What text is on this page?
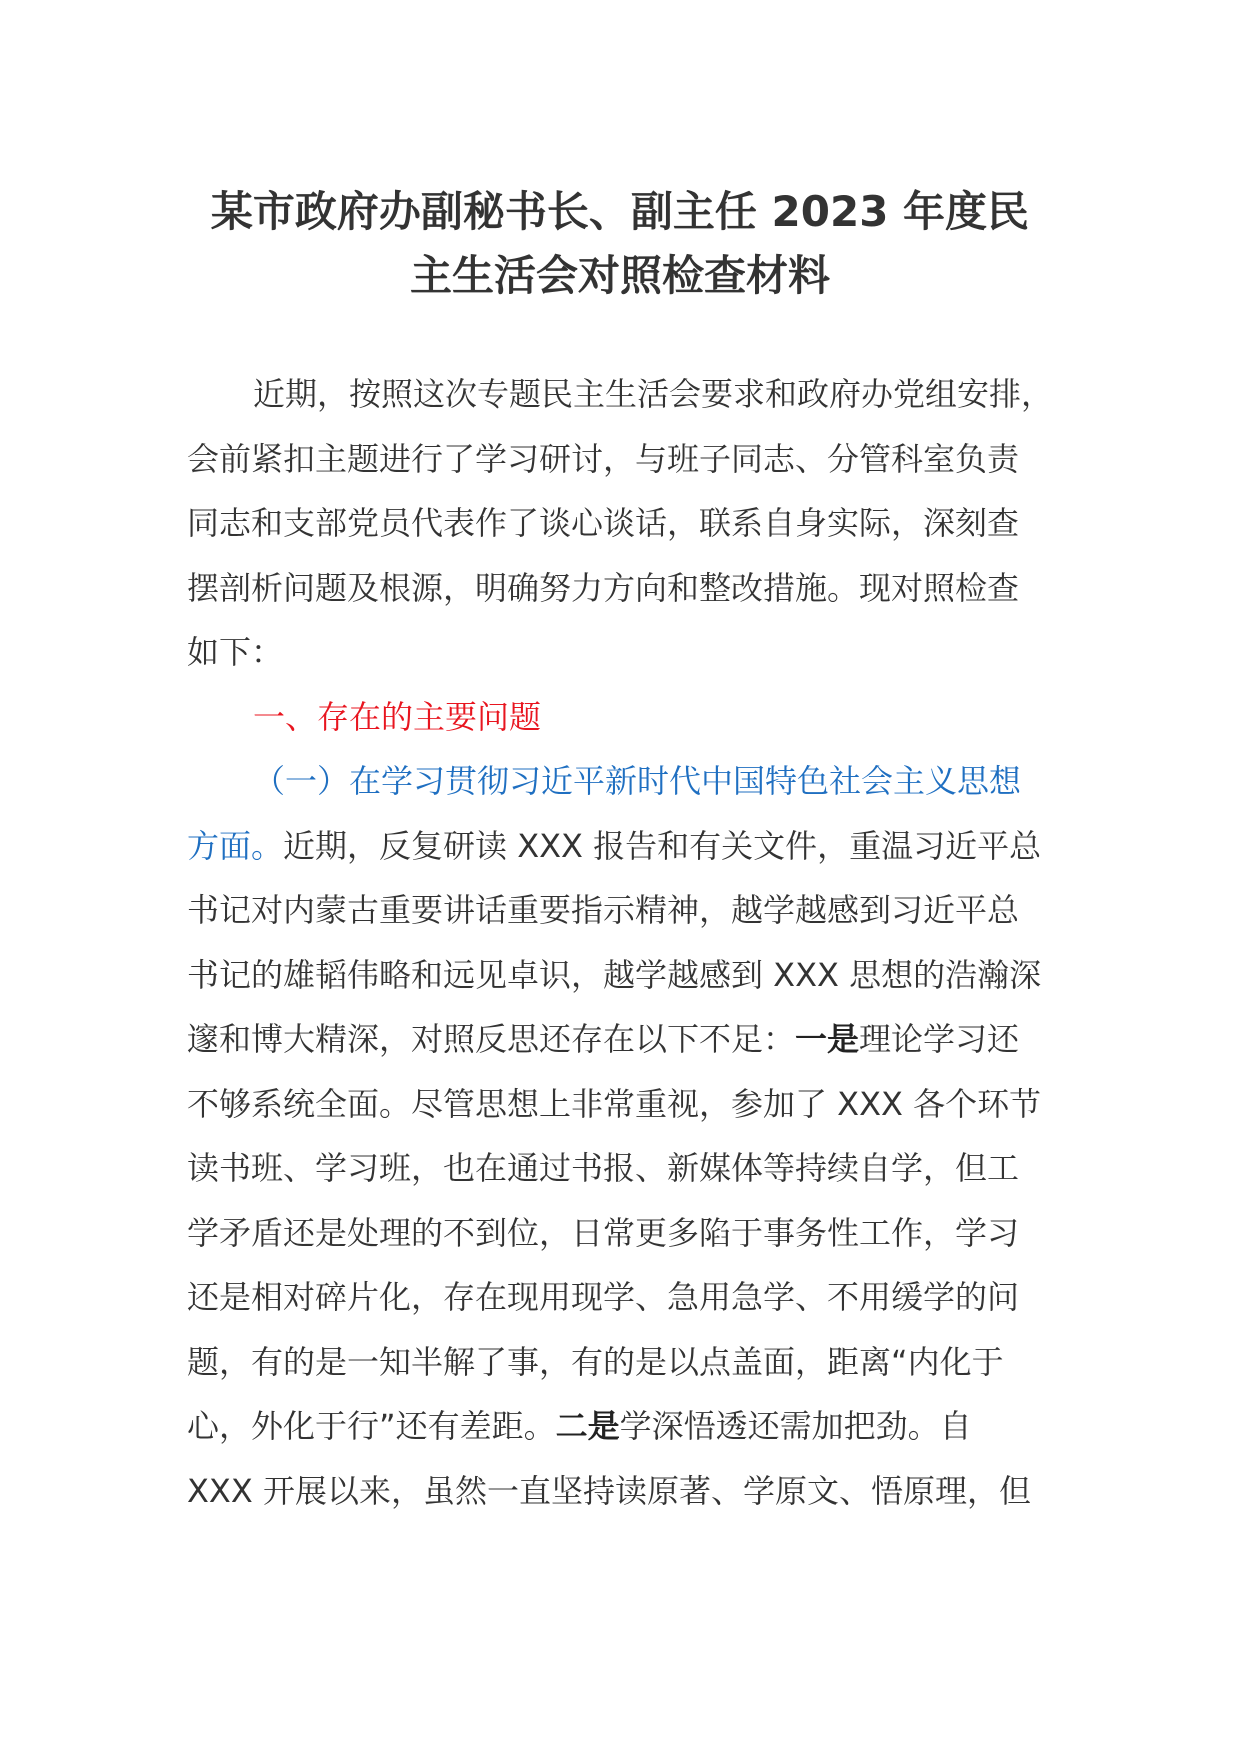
某市政府办副秘书长、副主任 2023 年度民
主生活会对照检查材料
近期，按照这次专题民主生活会要求和政府办党组安排，
会前紧扣主题进行了学习研讨，与班子同志、分管科室负责
同志和支部党员代表作了谈心谈话，联系自身实际，深刻查
摆剖析问题及根源，明确努力方向和整改措施。现对照检查
如下：
一、存在的主要问题
（一）在学习贯彻习近平新时代中国特色社会主义思想
方面。近期，反复研读 XXX 报告和有关文件，重温习近平总
书记对内蒙古重要讲话重要指示精神，越学越感到习近平总
书记的雄韬伟略和远见卓识，越学越感到 XXX 思想的浩瀚深
邃和博大精深，对照反思还存在以下不足：一是理论学习还
不够系统全面。尽管思想上非常重视，参加了 XXX 各个环节
读书班、学习班，也在通过书报、新媒体等持续自学，但工
学矛盾还是处理的不到位，日常更多陷于事务性工作，学习
还是相对碎片化，存在现用现学、急用急学、不用缓学的问
题，有的是一知半解了事，有的是以点盖面，距离“内化于
心，外化于行”还有差距。二是学深悟透还需加把劲。自
XXX 开展以来，虽然一直坚持读原著、学原文、悟原理，但
